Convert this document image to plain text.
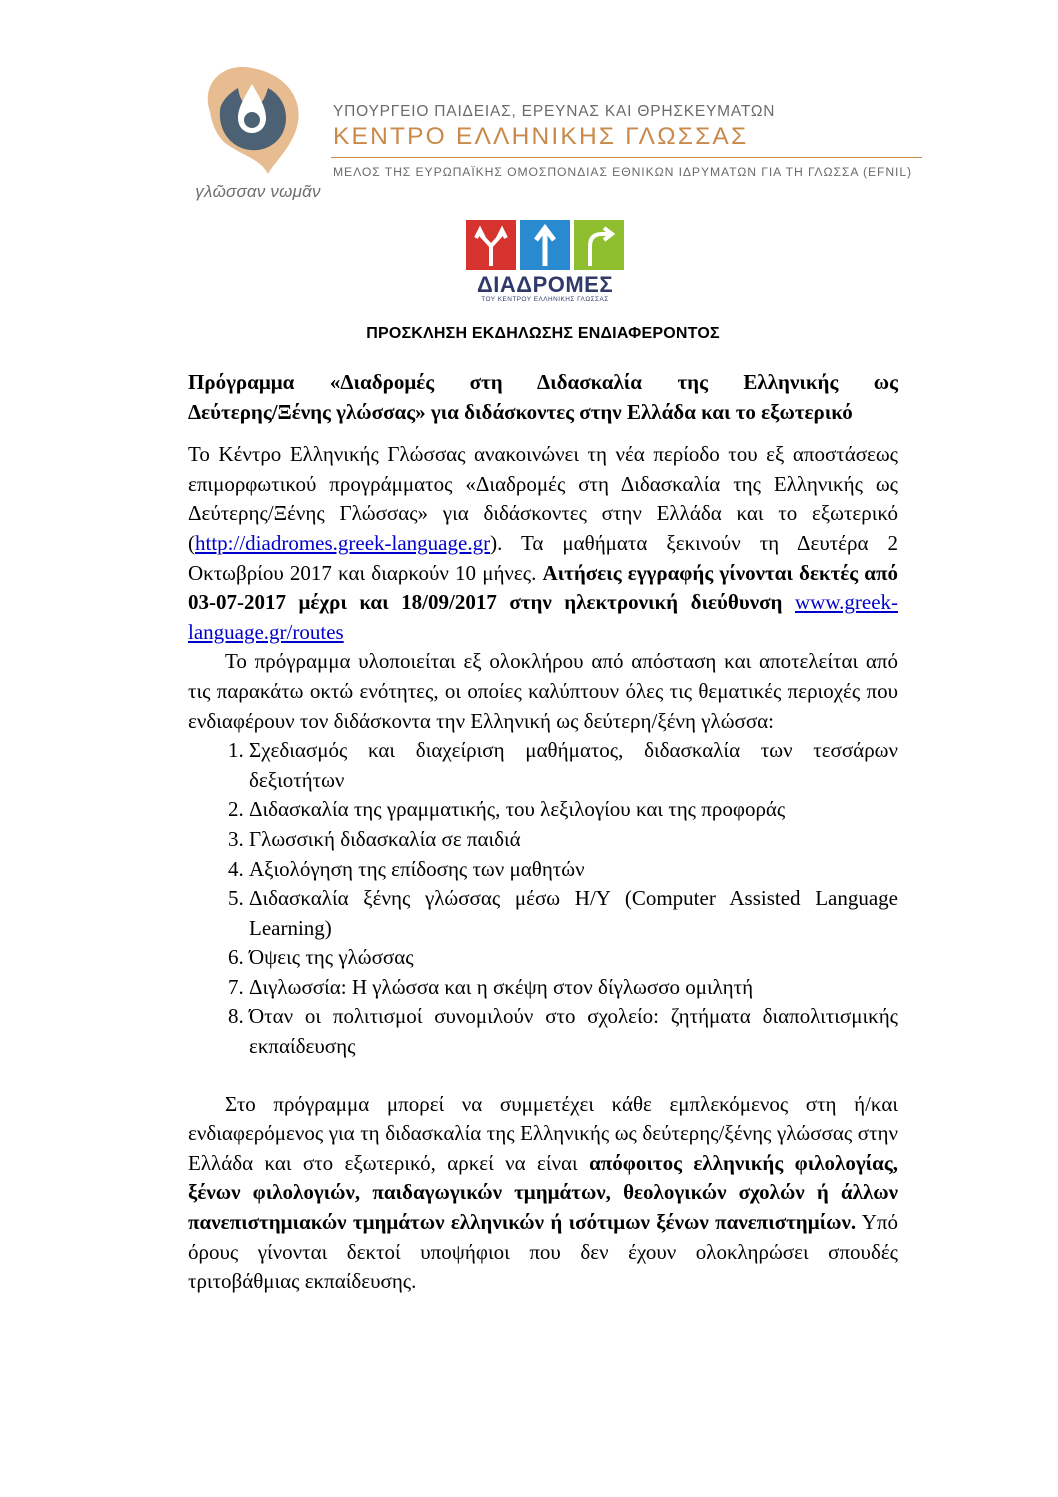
γλῶσσαν νωμᾶν
ΥΠΟΥΡΓΕΙΟ ΠΑΙΔΕΙΑΣ, ΕΡΕΥΝΑΣ ΚΑΙ ΘΡΗΣΚΕΥΜΑΤΩΝ
ΚΕΝΤΡΟ ΕΛΛΗΝΙΚΗΣ ΓΛΩΣΣΑΣ
ΜΕΛΟΣ ΤΗΣ ΕΥΡΩΠΑΪΚΗΣ ΟΜΟΣΠΟΝΔΙΑΣ ΕΘΝΙΚΩΝ ΙΔΡΥΜΑΤΩΝ ΓΙΑ ΤΗ ΓΛΩΣΣΑ (EFNIL)
ΔΙΑΔΡΟΜΕΣ
ΤΟΥ ΚΕΝΤΡΟΥ ΕΛΛΗΝΙΚΗΣ ΓΛΩΣΣΑΣ
ΠΡΟΣΚΛΗΣΗ ΕΚΔΗΛΩΣΗΣ ΕΝΔΙΑΦΕΡΟΝΤΟΣ

Πρόγραμμα «Διαδρομές στη Διδασκαλία της Ελληνικής ως
Δεύτερης/Ξένης γλώσσας» για διδάσκοντες στην Ελλάδα και το εξωτερικό

Το Κέντρο Ελληνικής Γλώσσας ανακοινώνει τη νέα περίοδο του εξ αποστάσεως επιμορφωτικού προγράμματος «Διαδρομές στη Διδασκαλία της Ελληνικής ως Δεύτερης/Ξένης Γλώσσας» για διδάσκοντες στην Ελλάδα και το εξωτερικό (http://diadromes.greek-language.gr). Τα μαθήματα ξεκινούν τη Δευτέρα 2 Οκτωβρίου 2017 και διαρκούν 10 μήνες. Αιτήσεις εγγραφής γίνονται δεκτές από 03-07-2017 μέχρι και 18/09/2017 στην ηλεκτρονική διεύθυνση www.greek-language.gr/routes

Το πρόγραμμα υλοποιείται εξ ολοκλήρου από απόσταση και αποτελείται από τις παρακάτω οκτώ ενότητες, οι οποίες καλύπτουν όλες τις θεματικές περιοχές που ενδιαφέρουν τον διδάσκοντα την Ελληνική ως δεύτερη/ξένη γλώσσα:

1. Σχεδιασμός και διαχείριση μαθήματος, διδασκαλία των τεσσάρων δεξιοτήτων
2. Διδασκαλία της γραμματικής, του λεξιλογίου και της προφοράς
3. Γλωσσική διδασκαλία σε παιδιά
4. Αξιολόγηση της επίδοσης των μαθητών
5. Διδασκαλία ξένης γλώσσας μέσω Η/Υ (Computer Assisted Language Learning)
6. Όψεις της γλώσσας
7. Διγλωσσία: Η γλώσσα και η σκέψη στον δίγλωσσο ομιλητή
8. Όταν οι πολιτισμοί συνομιλούν στο σχολείο: ζητήματα διαπολιτισμικής εκπαίδευσης

Στο πρόγραμμα μπορεί να συμμετέχει κάθε εμπλεκόμενος στη ή/και ενδιαφερόμενος για τη διδασκαλία της Ελληνικής ως δεύτερης/ξένης γλώσσας στην Ελλάδα και στο εξωτερικό, αρκεί να είναι απόφοιτος ελληνικής φιλολογίας, ξένων φιλολογιών, παιδαγωγικών τμημάτων, θεολογικών σχολών ή άλλων πανεπιστημιακών τμημάτων ελληνικών ή ισότιμων ξένων πανεπιστημίων. Υπό όρους γίνονται δεκτοί υποψήφιοι που δεν έχουν ολοκληρώσει σπουδές τριτοβάθμιας εκπαίδευσης.
